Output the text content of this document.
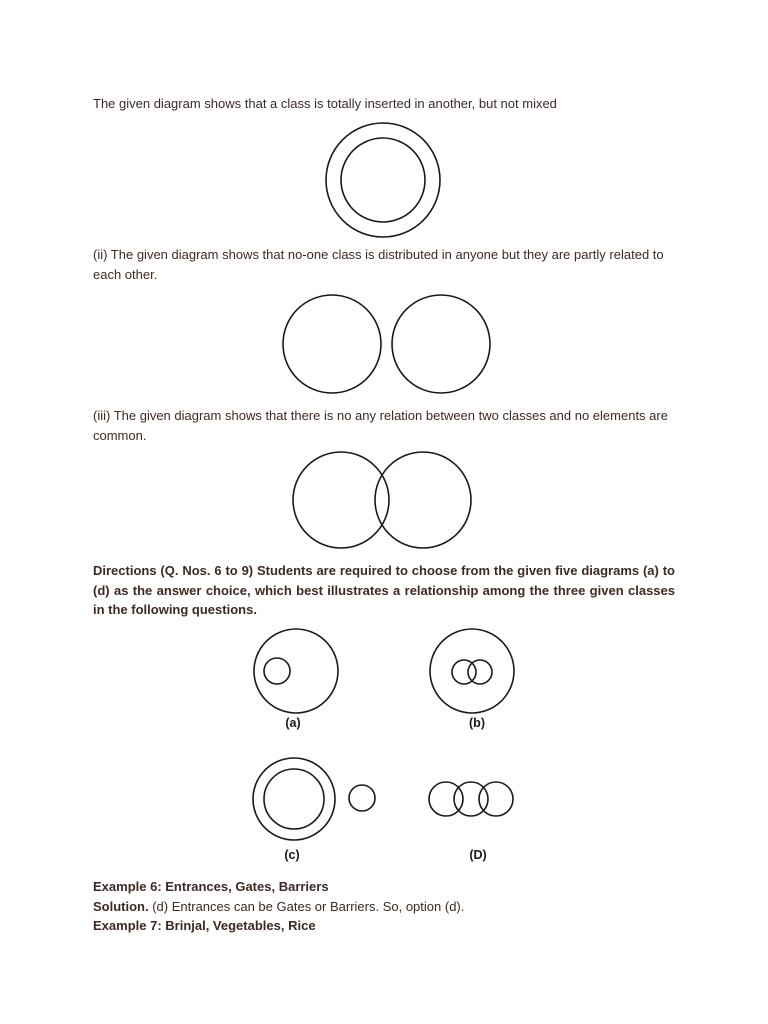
The given diagram shows that a class is totally inserted in another, but not mixed

(ii) The given diagram shows that no-one class is distributed in anyone but they are partly related to each other.

(iii) The given diagram shows that there is no any relation between two classes and no elements are common.

Directions (Q. Nos. 6 to 9) Students are required to choose from the given five diagrams (a) to (d) as the answer choice, which best illustrates a relationship among the three given classes in the following questions.

(a)	(b)
(c)	(D)

Example 6: Entrances, Gates, Barriers
Solution. (d) Entrances can be Gates or Barriers. So, option (d).
Example 7: Brinjal, Vegetables, Rice
